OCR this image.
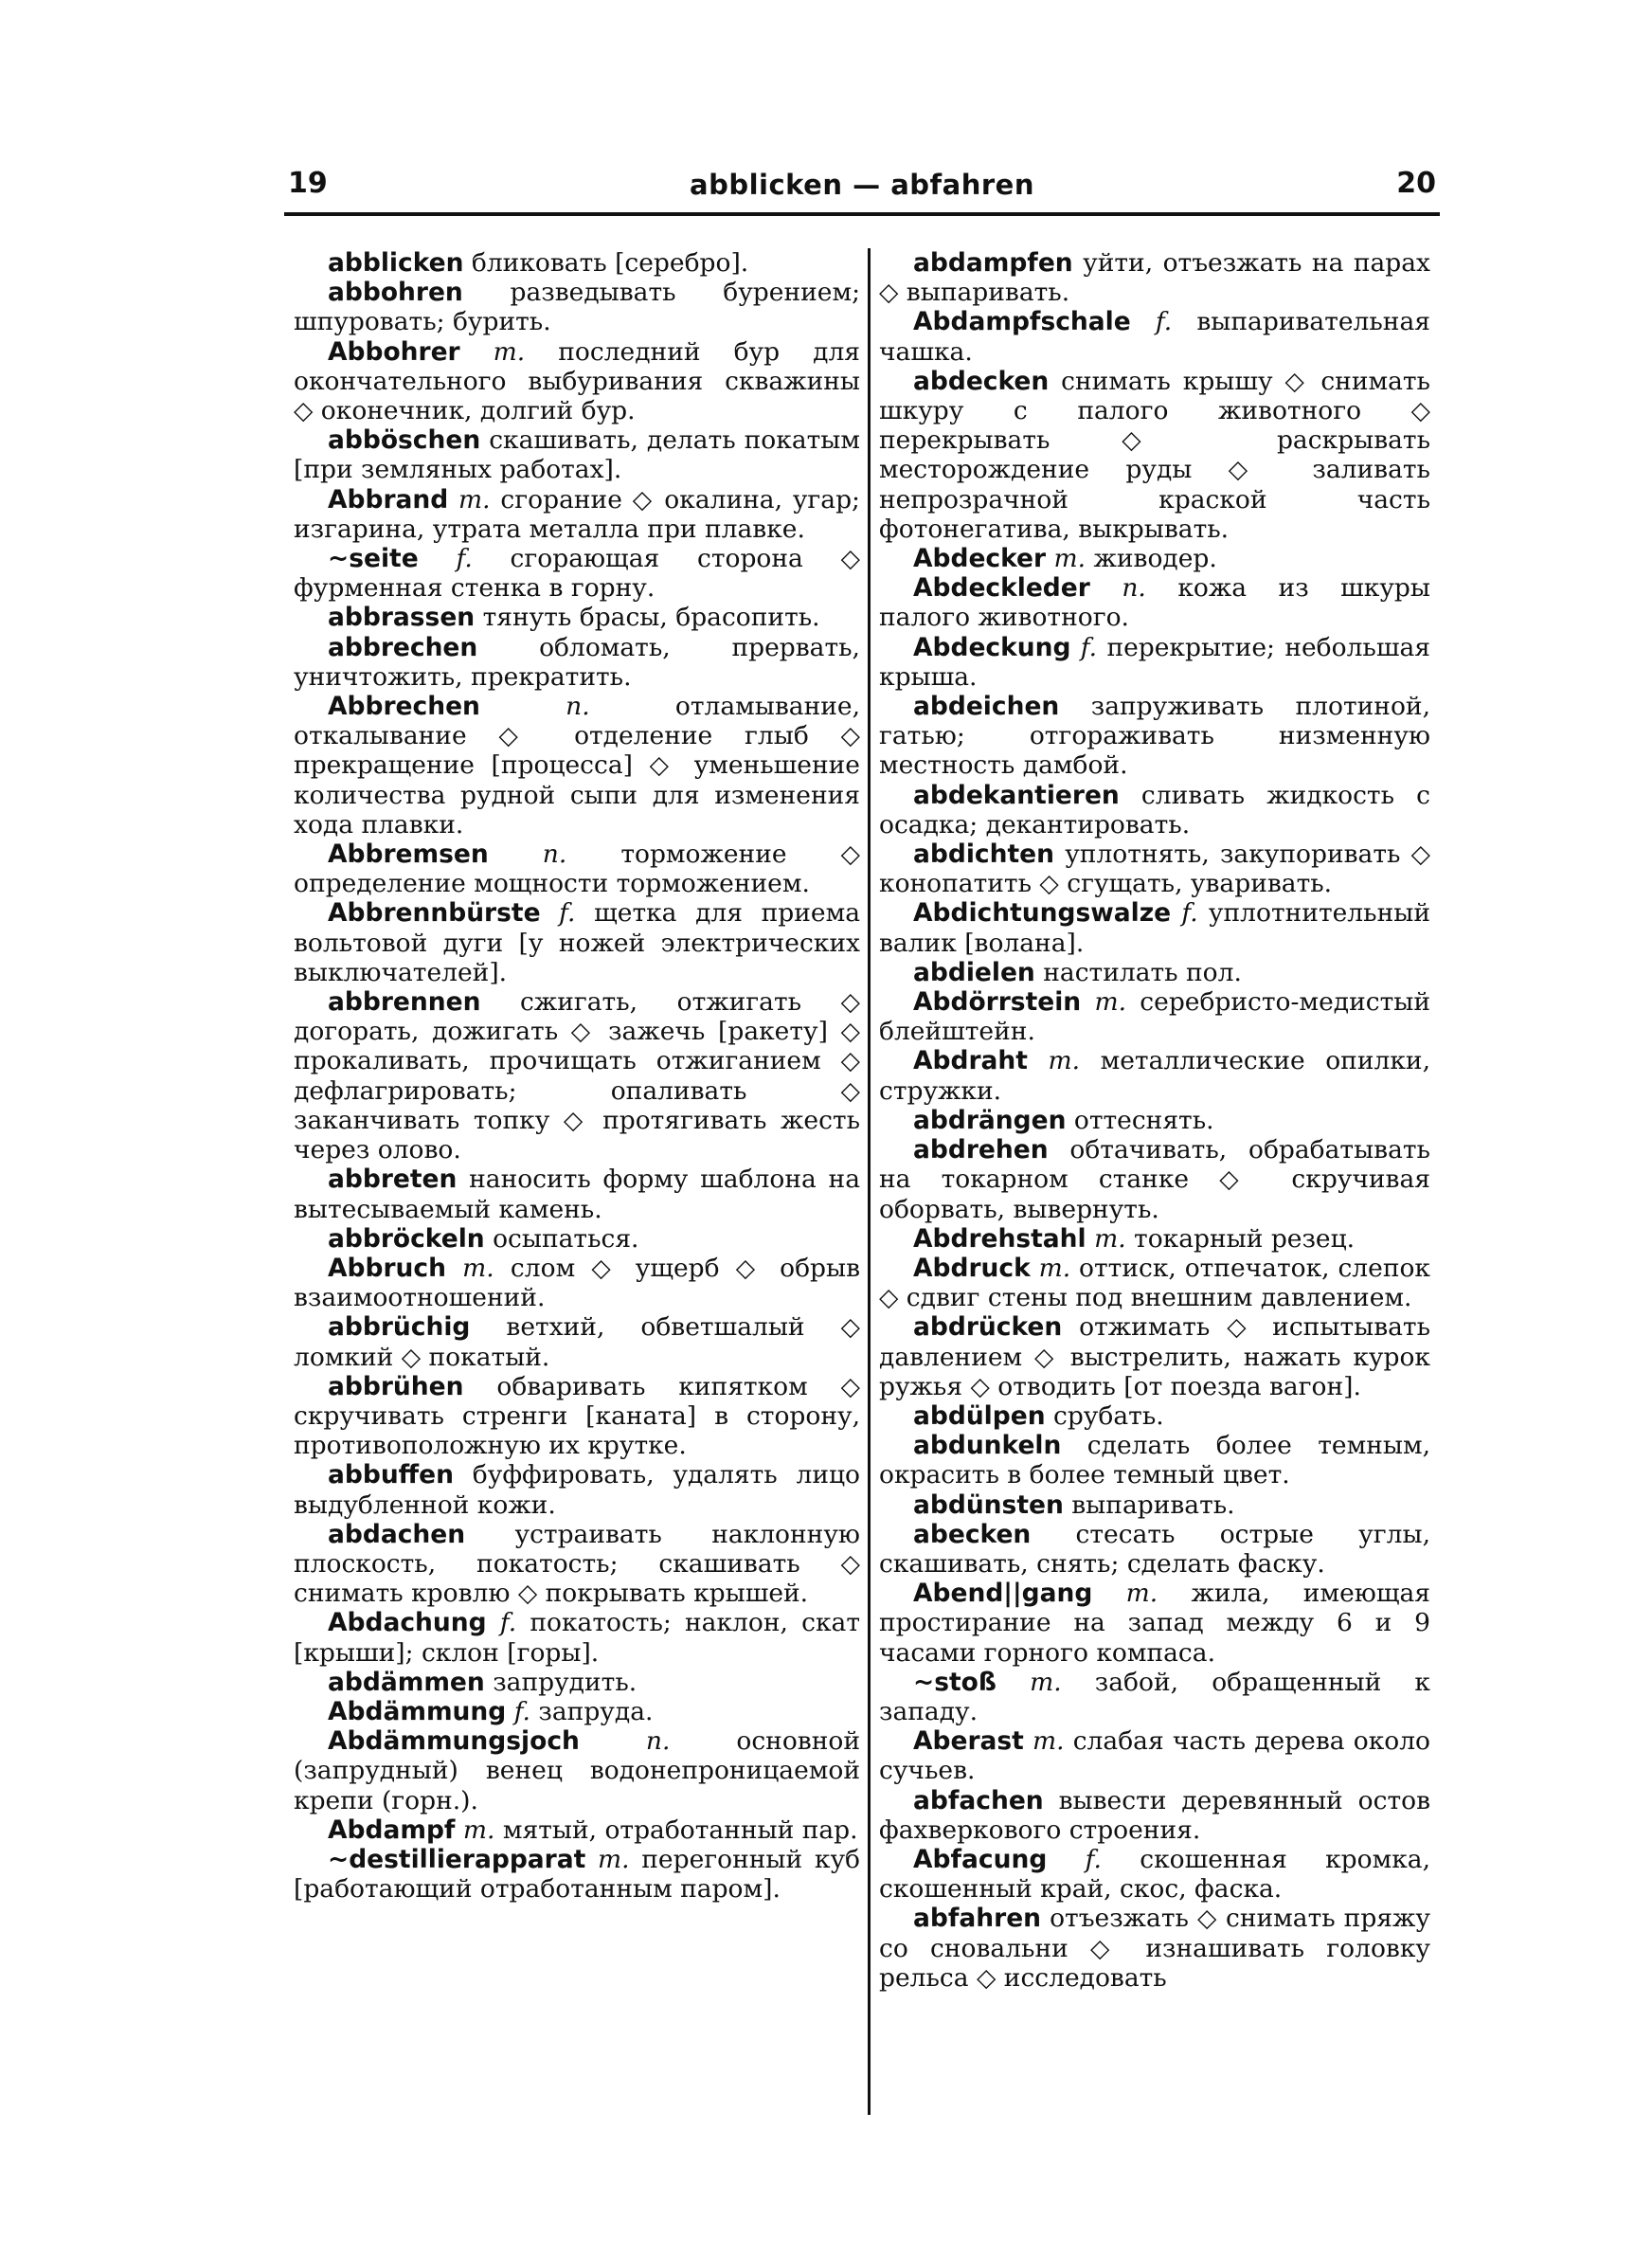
19	abblicken — abfahren	20

abblicken бликовать [серебро].

abbohren разведывать бурением; шпуровать; бурить.

Abbohrer m. последний бур для окончательного выбуривания скважины ◇ оконечник, долгий бур.

abböschen скашивать, делать покатым [при земляных работах].

Abbrand m. сгорание ◇ окалина, угар; изгарина, утрата металла при плавке.

~seite f. сгорающая сторона ◇ фурменная стенка в горну.

abbrassen тянуть брасы, брасопить.

abbrechen обломать, прервать, уничтожить, прекратить.

Abbrechen n. отламывание, откалывание ◇ отделение глыб ◇ прекращение [процесса] ◇ уменьшение количества рудной сыпи для изменения хода плавки.

Abbremsen n. торможение ◇ определение мощности торможением.

Abbrennbürste f. щетка для приема вольтовой дуги [у ножей электрических выключателей].

abbrennen сжигать, отжигать ◇ догорать, дожигать ◇ зажечь [ракету] ◇ прокаливать, прочищать отжиганием ◇ дефлагрировать; опаливать ◇ заканчивать топку ◇ протягивать жесть через олово.

abbreten наносить форму шаблона на вытесываемый камень.

abbröckeln осыпаться.

Abbruch m. слом ◇ ущерб ◇ обрыв взаимоотношений.

abbrüchig ветхий, обветшалый ◇ ломкий ◇ покатый.

abbrühen обваривать кипятком ◇ скручивать стренги [каната] в сторону, противоположную их крутке.

abbuffen буффировать, удалять лицо выдубленной кожи.

abdachen устраивать наклонную плоскость, покатость; скашивать ◇ снимать кровлю ◇ покрывать крышей.

Abdachung f. покатость; наклон, скат [крыши]; склон [горы].

abdämmen запрудить.

Abdämmung f. запруда.

Abdämmungsjoch n. основной (запрудный) венец водонепроницаемой крепи (горн.).

Abdampf m. мятый, отработанный пар.

~destillierapparat m. перегонный куб [работающий отработанным паром].

abdampfen уйти, отъезжать на парах ◇ выпаривать.

Abdampfschale f. выпаривательная чашка.

abdecken снимать крышу ◇ снимать шкуру с палого животного ◇ перекрывать ◇ раскрывать месторождение руды ◇ заливать непрозрачной краской часть фотонегатива, выкрывать.

Abdecker m. живодер.

Abdeckleder n. кожа из шкуры палого животного.

Abdeckung f. перекрытие; небольшая крыша.

abdeichen запруживать плотиной, гатью; отгораживать низменную местность дамбой.

abdekantieren сливать жидкость с осадка; декантировать.

abdichten уплотнять, закупоривать ◇ конопатить ◇ сгущать, уваривать.

Abdichtungswalze f. уплотнительный валик [волана].

abdielen настилать пол.

Abdörrstein m. серебристо-медистый блейштейн.

Abdraht m. металлические опилки, стружки.

abdrängen оттеснять.

abdrehen обтачивать, обрабатывать на токарном станке ◇ скручивая оборвать, вывернуть.

Abdrehstahl m. токарный резец.

Abdruck m. оттиск, отпечаток, слепок ◇ сдвиг стены под внешним давлением.

abdrücken отжимать ◇ испытывать давлением ◇ выстрелить, нажать курок ружья ◇ отводить [от поезда вагон].

abdülpen срубать.

abdunkeln сделать более темным, окрасить в более темный цвет.

abdünsten выпаривать.

abecken стесать острые углы, скашивать, снять; сделать фаску.

Abend||gang m. жила, имеющая простирание на запад между 6 и 9 часами горного компаса.

~stoß m. забой, обращенный к западу.

Aberast m. слабая часть дерева около сучьев.

abfachen вывести деревянный остов фахверкового строения.

Abfacung f. скошенная кромка, скошенный край, скос, фаска.

abfahren отъезжать ◇ снимать пряжу со сновальни ◇ изнашивать головку рельса ◇ исследовать
